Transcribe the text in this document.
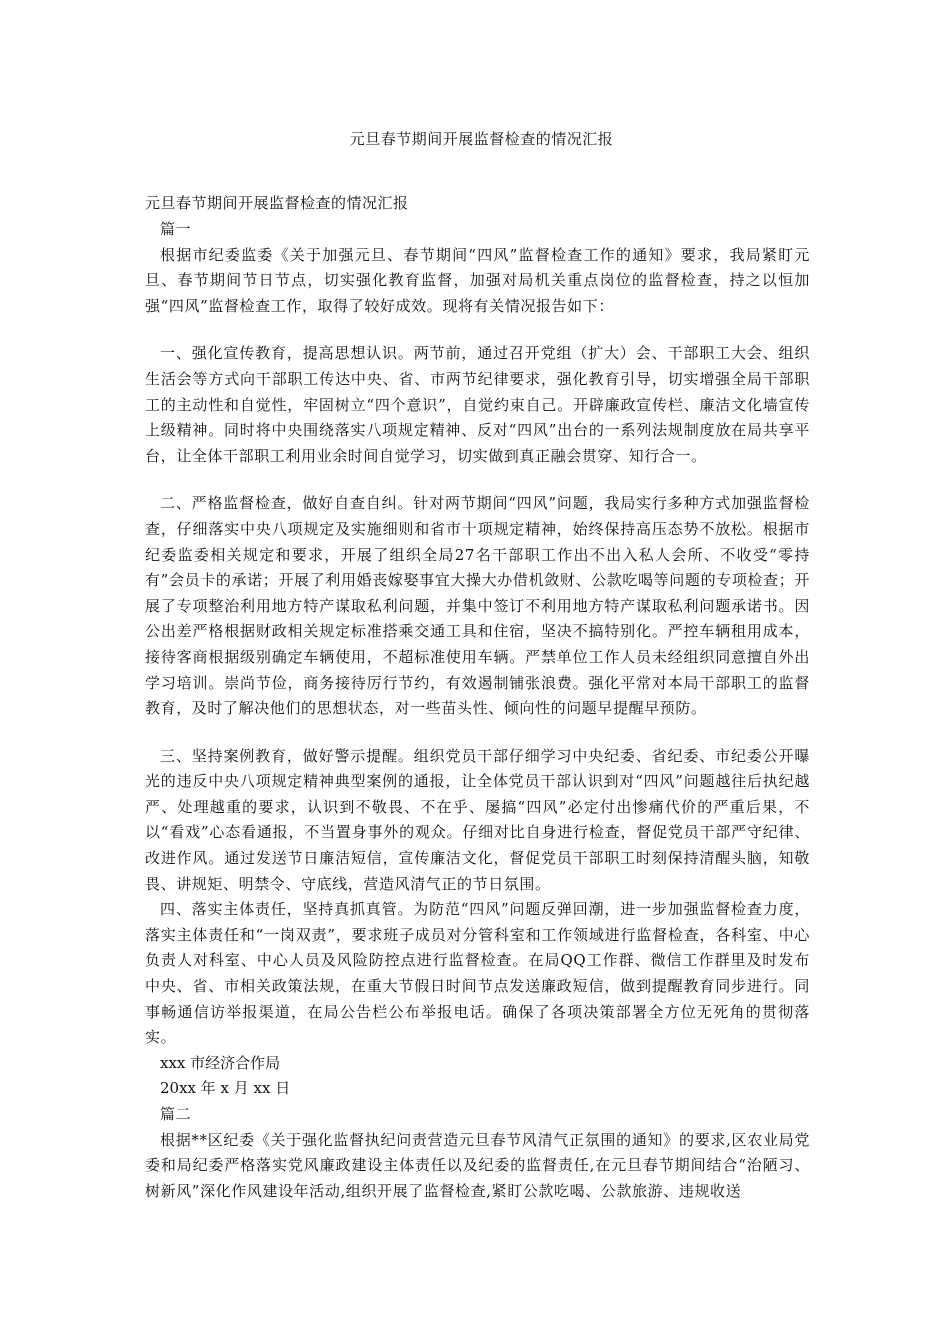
元旦春节期间开展监督检查的情况汇报

元旦春节期间开展监督检查的情况汇报

篇一

根据市纪委监委《关于加强元旦、春节期间“四风”监督检查工作的通知》要求，我局紧盯元旦、春节期间节日节点，切实强化教育监督，加强对局机关重点岗位的监督检查，持之以恒加强“四风”监督检查工作，取得了较好成效。现将有关情况报告如下：

一、强化宣传教育，提高思想认识。两节前，通过召开党组（扩大）会、干部职工大会、组织生活会等方式向干部职工传达中央、省、市两节纪律要求，强化教育引导，切实增强全局干部职工的主动性和自觉性，牢固树立“四个意识”，自觉约束自己。开辟廉政宣传栏、廉洁文化墙宣传上级精神。同时将中央围绕落实八项规定精神、反对“四风”出台的一系列法规制度放在局共享平台，让全体干部职工利用业余时间自觉学习，切实做到真正融会贯穿、知行合一。

二、严格监督检查，做好自查自纠。针对两节期间“四风”问题，我局实行多种方式加强监督检查，仔细落实中央八项规定及实施细则和省市十项规定精神，始终保持高压态势不放松。根据市纪委监委相关规定和要求，开展了组织全局27名干部职工作出不出入私人会所、不收受“零持有”会员卡的承诺；开展了利用婚丧嫁娶事宜大操大办借机敛财、公款吃喝等问题的专项检查；开展了专项整治利用地方特产谋取私利问题，并集中签订不利用地方特产谋取私利问题承诺书。因公出差严格根据财政相关规定标准搭乘交通工具和住宿，坚决不搞特别化。严控车辆租用成本，接待客商根据级别确定车辆使用，不超标准使用车辆。严禁单位工作人员未经组织同意擅自外出学习培训。崇尚节俭，商务接待厉行节约，有效遏制铺张浪费。强化平常对本局干部职工的监督教育，及时了解决他们的思想状态，对一些苗头性、倾向性的问题早提醒早预防。

三、坚持案例教育，做好警示提醒。组织党员干部仔细学习中央纪委、省纪委、市纪委公开曝光的违反中央八项规定精神典型案例的通报，让全体党员干部认识到对“四风”问题越往后执纪越严、处理越重的要求，认识到不敬畏、不在乎、屡搞“四风”必定付出惨痛代价的严重后果，不以“看戏”心态看通报，不当置身事外的观众。仔细对比自身进行检查，督促党员干部严守纪律、改进作风。通过发送节日廉洁短信，宣传廉洁文化，督促党员干部职工时刻保持清醒头脑，知敬畏、讲规矩、明禁令、守底线，营造风清气正的节日氛围。

四、落实主体责任，坚持真抓真管。为防范“四风”问题反弹回潮，进一步加强监督检查力度，落实主体责任和“一岗双责”，要求班子成员对分管科室和工作领域进行监督检查，各科室、中心负责人对科室、中心人员及风险防控点进行监督检查。在局QQ工作群、微信工作群里及时发布中央、省、市相关政策法规，在重大节假日时间节点发送廉政短信，做到提醒教育同步进行。同事畅通信访举报渠道，在局公告栏公布举报电话。确保了各项决策部署全方位无死角的贯彻落实。

xxx 市经济合作局

20xx 年 x 月 xx 日

篇二

根据**区纪委《关于强化监督执纪问责营造元旦春节风清气正氛围的通知》的要求,区农业局党委和局纪委严格落实党风廉政建设主体责任以及纪委的监督责任,在元旦春节期间结合“治陋习、树新风”深化作风建设年活动,组织开展了监督检查,紧盯公款吃喝、公款旅游、违规收送
